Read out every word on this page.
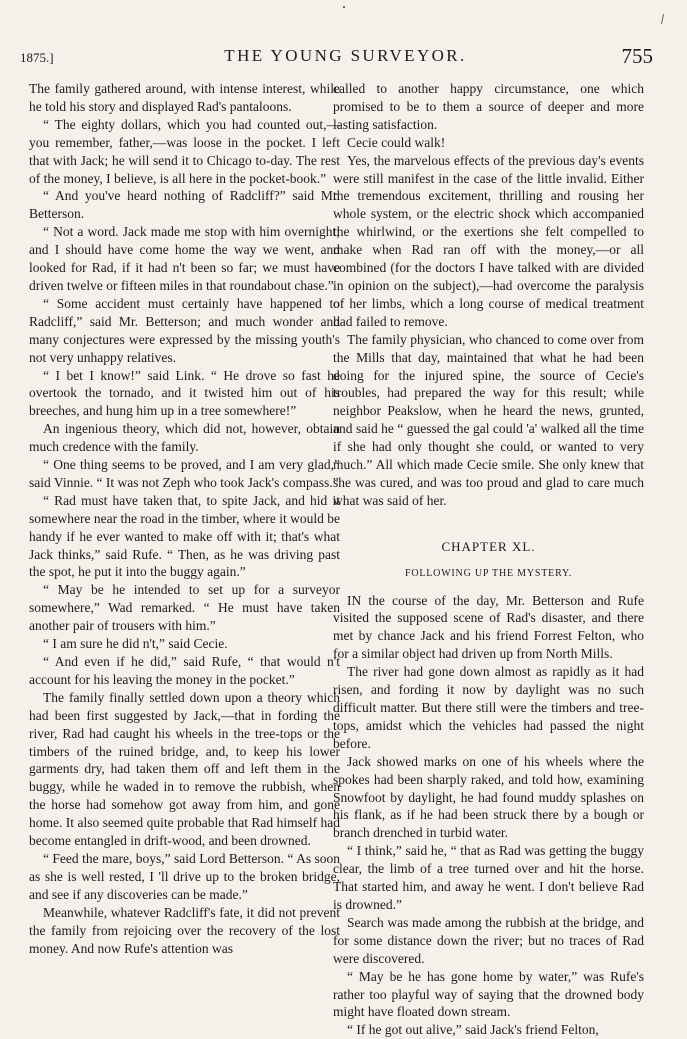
1875.]	THE YOUNG SURVEYOR.	755

The family gathered around, with intense interest, while he told his story and displayed Rad's pantaloons.

“ The eighty dollars, which you had counted out,—you remember, father,—was loose in the pocket. I left that with Jack; he will send it to Chicago to-day. The rest of the money, I believe, is all here in the pocket-book.”

“ And you've heard nothing of Radcliff?” said Mr. Betterson.

“ Not a word. Jack made me stop with him overnight; and I should have come home the way we went, and looked for Rad, if it had n't been so far; we must have driven twelve or fifteen miles in that roundabout chase.”

“ Some accident must certainly have happened to Radcliff,” said Mr. Betterson; and much wonder and many conjectures were expressed by the missing youth's not very unhappy relatives.

“ I bet I know!” said Link. “ He drove so fast he overtook the tornado, and it twisted him out of his breeches, and hung him up in a tree somewhere!”

An ingenious theory, which did not, however, obtain much credence with the family.

“ One thing seems to be proved, and I am very glad,” said Vinnie. “ It was not Zeph who took Jack's compass.”

“ Rad must have taken that, to spite Jack, and hid it somewhere near the road in the timber, where it would be handy if he ever wanted to make off with it; that's what Jack thinks,” said Rufe. “ Then, as he was driving past the spot, he put it into the buggy again.”

“ May be he intended to set up for a surveyor somewhere,” Wad remarked. “ He must have taken another pair of trousers with him.”

“ I am sure he did n't,” said Cecie.

“ And even if he did,” said Rufe, “ that would n't account for his leaving the money in the pocket.”

The family finally settled down upon a theory which had been first suggested by Jack,—that in fording the river, Rad had caught his wheels in the tree-tops or the timbers of the ruined bridge, and, to keep his lower garments dry, had taken them off and left them in the buggy, while he waded in to remove the rubbish, when the horse had somehow got away from him, and gone home. It also seemed quite probable that Rad himself had become entangled in drift-wood, and been drowned.

“ Feed the mare, boys,” said Lord Betterson. “ As soon as she is well rested, I 'll drive up to the broken bridge, and see if any discoveries can be made.”

Meanwhile, whatever Radcliff's fate, it did not prevent the family from rejoicing over the recovery of the lost money. And now Rufe's attention was

called to another happy circumstance, one which promised to be to them a source of deeper and more lasting satisfaction.

Cecie could walk!

Yes, the marvelous effects of the previous day's events were still manifest in the case of the little invalid. Either the tremendous excitement, thrilling and rousing her whole system, or the electric shock which accompanied the whirlwind, or the exertions she felt compelled to make when Rad ran off with the money,—or all combined (for the doctors I have talked with are divided in opinion on the subject),—had overcome the paralysis of her limbs, which a long course of medical treatment had failed to remove.

The family physician, who chanced to come over from the Mills that day, maintained that what he had been doing for the injured spine, the source of Cecie's troubles, had prepared the way for this result; while neighbor Peakslow, when he heard the news, grunted, and said he “ guessed the gal could 'a' walked all the time if she had only thought she could, or wanted to very much.” All which made Cecie smile. She only knew that she was cured, and was too proud and glad to care much what was said of her.

CHAPTER XL.
FOLLOWING UP THE MYSTERY.

IN the course of the day, Mr. Betterson and Rufe visited the supposed scene of Rad's disaster, and there met by chance Jack and his friend Forrest Felton, who for a similar object had driven up from North Mills.

The river had gone down almost as rapidly as it had risen, and fording it now by daylight was no such difficult matter. But there still were the timbers and tree-tops, amidst which the vehicles had passed the night before.

Jack showed marks on one of his wheels where the spokes had been sharply raked, and told how, examining Snowfoot by daylight, he had found muddy splashes on his flank, as if he had been struck there by a bough or branch drenched in turbid water.

“ I think,” said he, “ that as Rad was getting the buggy clear, the limb of a tree turned over and hit the horse. That started him, and away he went. I don't believe Rad is drowned.”

Search was made among the rubbish at the bridge, and for some distance down the river; but no traces of Rad were discovered.

“ May be he has gone home by water,” was Rufe's rather too playful way of saying that the drowned body might have floated down stream.

“ If he got out alive,” said Jack's friend Felton,
